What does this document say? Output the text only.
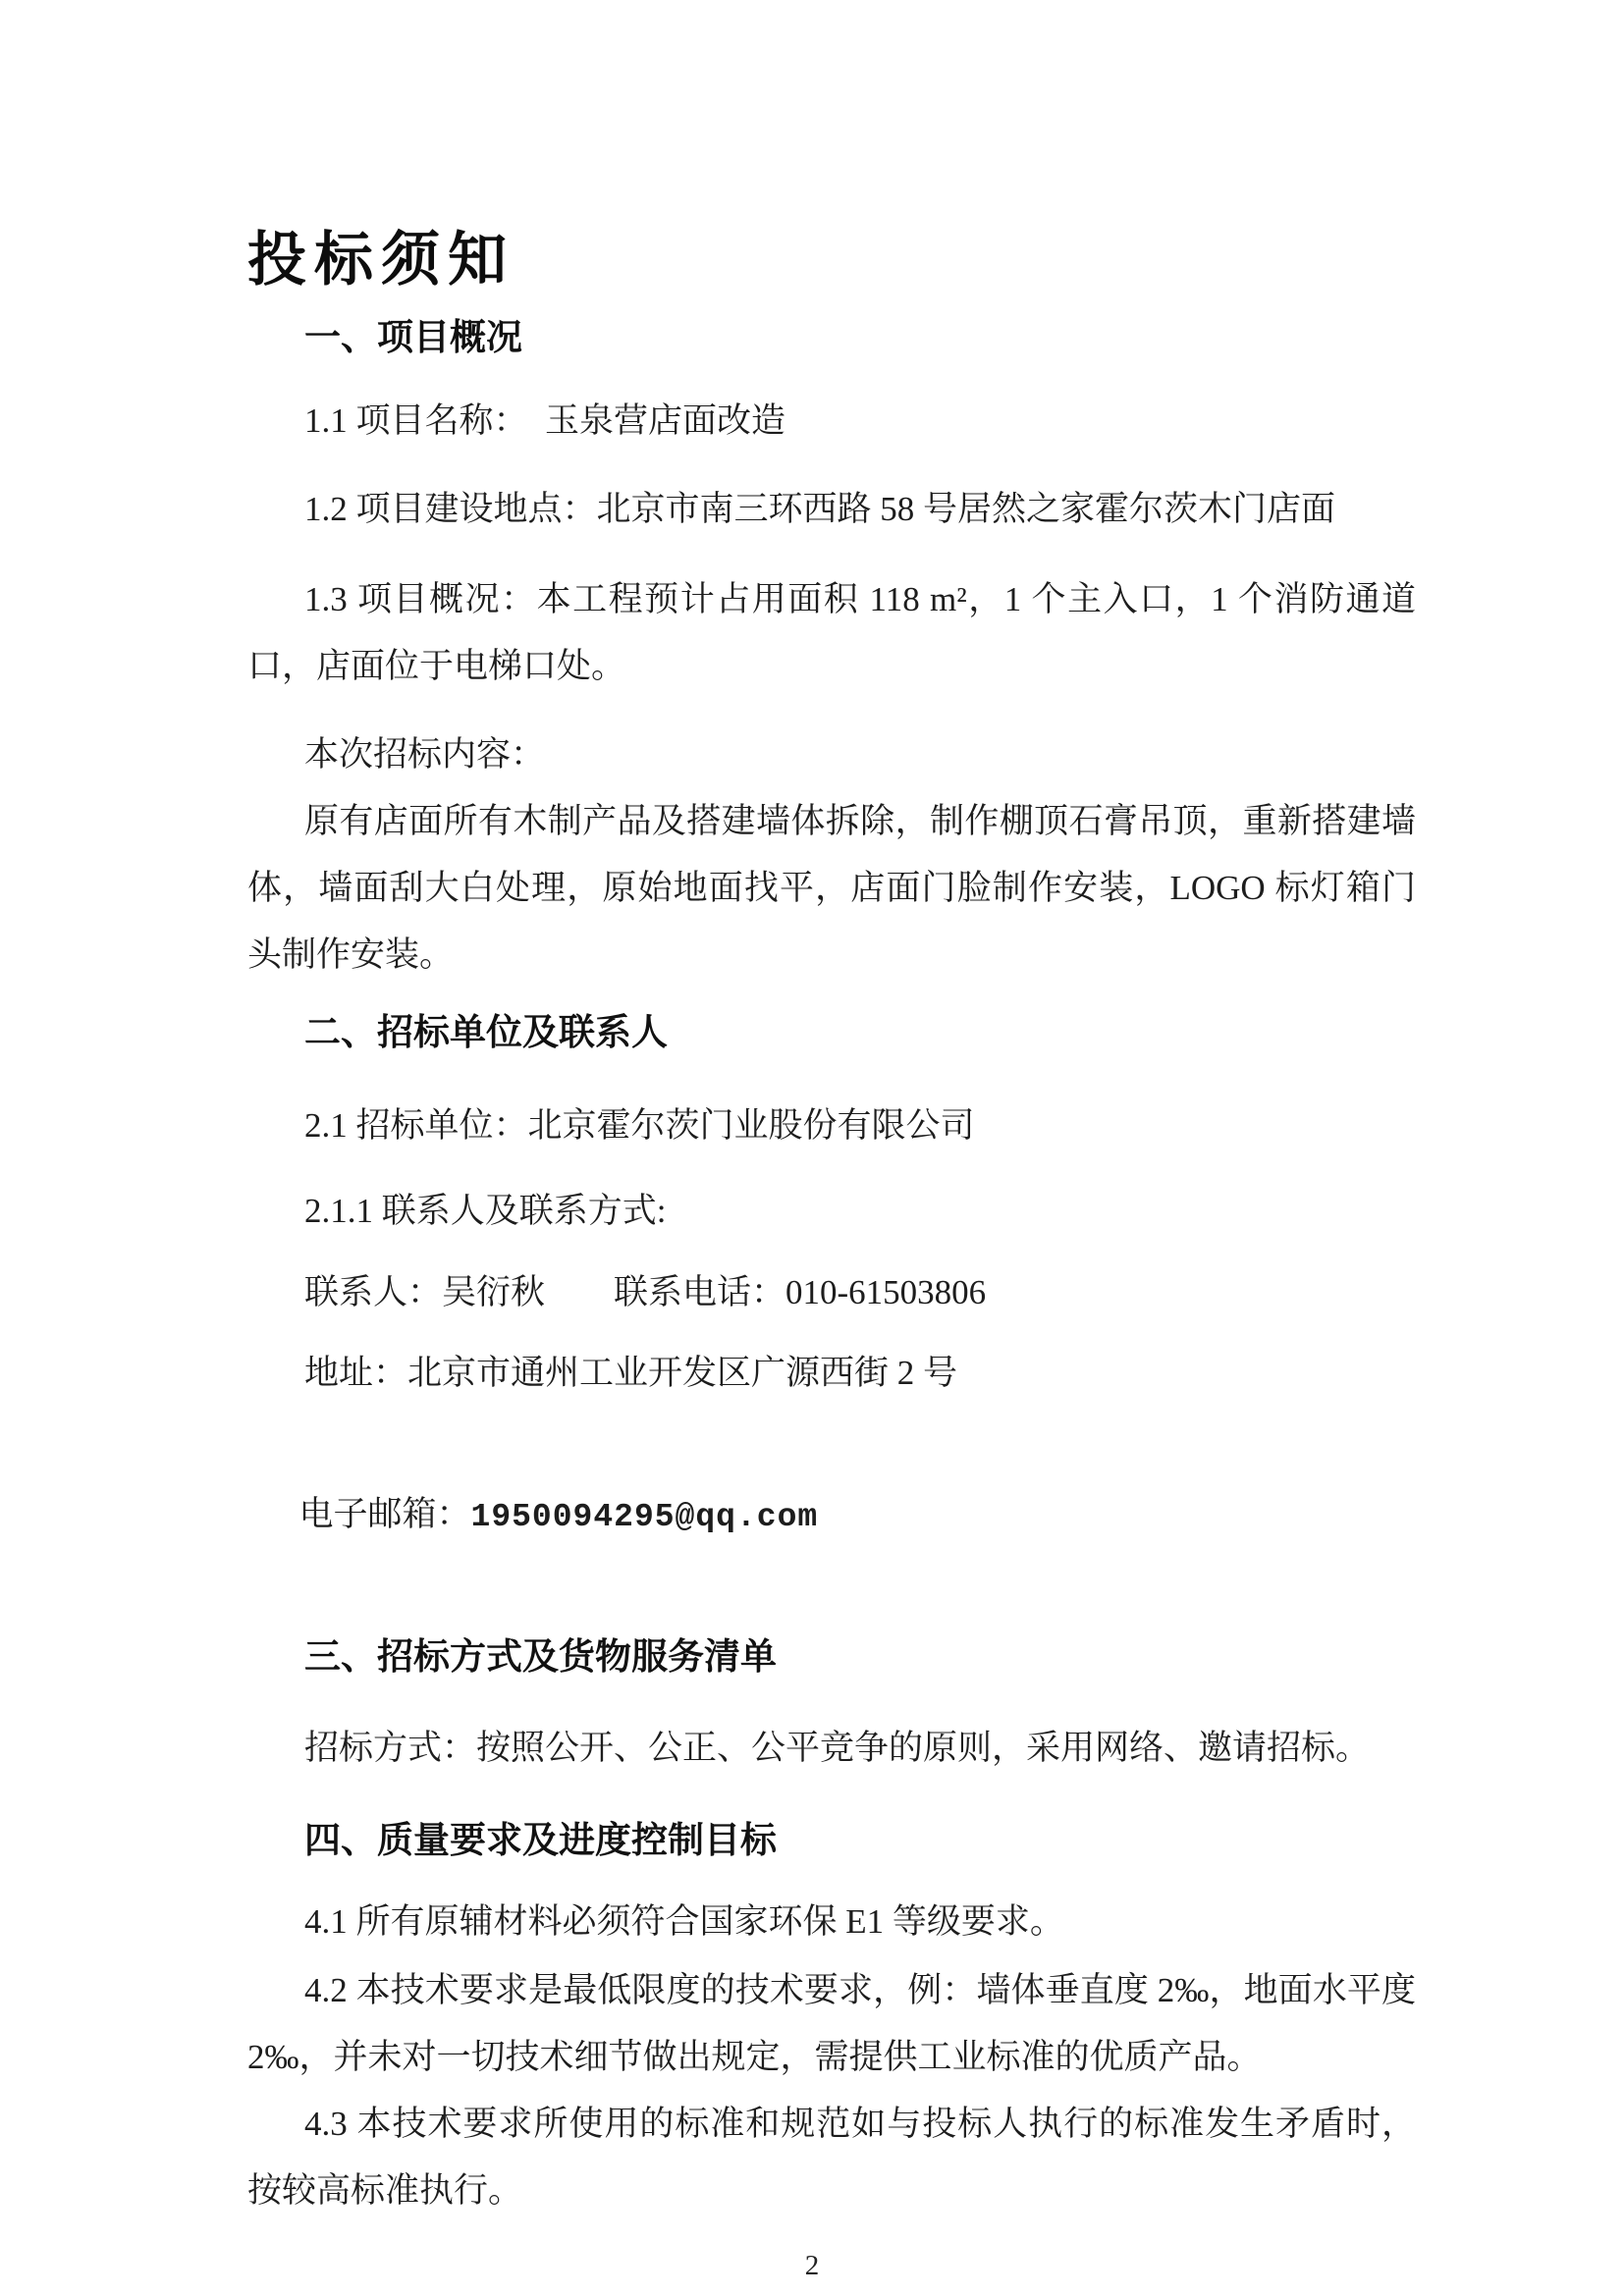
投标须知
一、项目概况

1.1 项目名称：　玉泉营店面改造

1.2 项目建设地点：北京市南三环西路 58 号居然之家霍尔茨木门店面

1.3 项目概况：本工程预计占用面积 118 m²，1 个主入口，1 个消防通道口，店面位于电梯口处。

本次招标内容：

原有店面所有木制产品及搭建墙体拆除，制作棚顶石膏吊顶，重新搭建墙体，墙面刮大白处理，原始地面找平，店面门脸制作安装，LOGO 标灯箱门头制作安装。

二、招标单位及联系人

2.1 招标单位：北京霍尔茨门业股份有限公司

2.1.1 联系人及联系方式:

联系人：吴衍秋　　联系电话：010-61503806

地址：北京市通州工业开发区广源西街 2 号

电子邮箱：1950094295@qq.com

三、招标方式及货物服务清单

招标方式：按照公开、公正、公平竞争的原则，采用网络、邀请招标。

四、质量要求及进度控制目标

4.1 所有原辅材料必须符合国家环保 E1 等级要求。

4.2 本技术要求是最低限度的技术要求，例：墙体垂直度 2‰，地面水平度 2‰，并未对一切技术细节做出规定，需提供工业标准的优质产品。

4.3 本技术要求所使用的标准和规范如与投标人执行的标准发生矛盾时，按较高标准执行。

2
